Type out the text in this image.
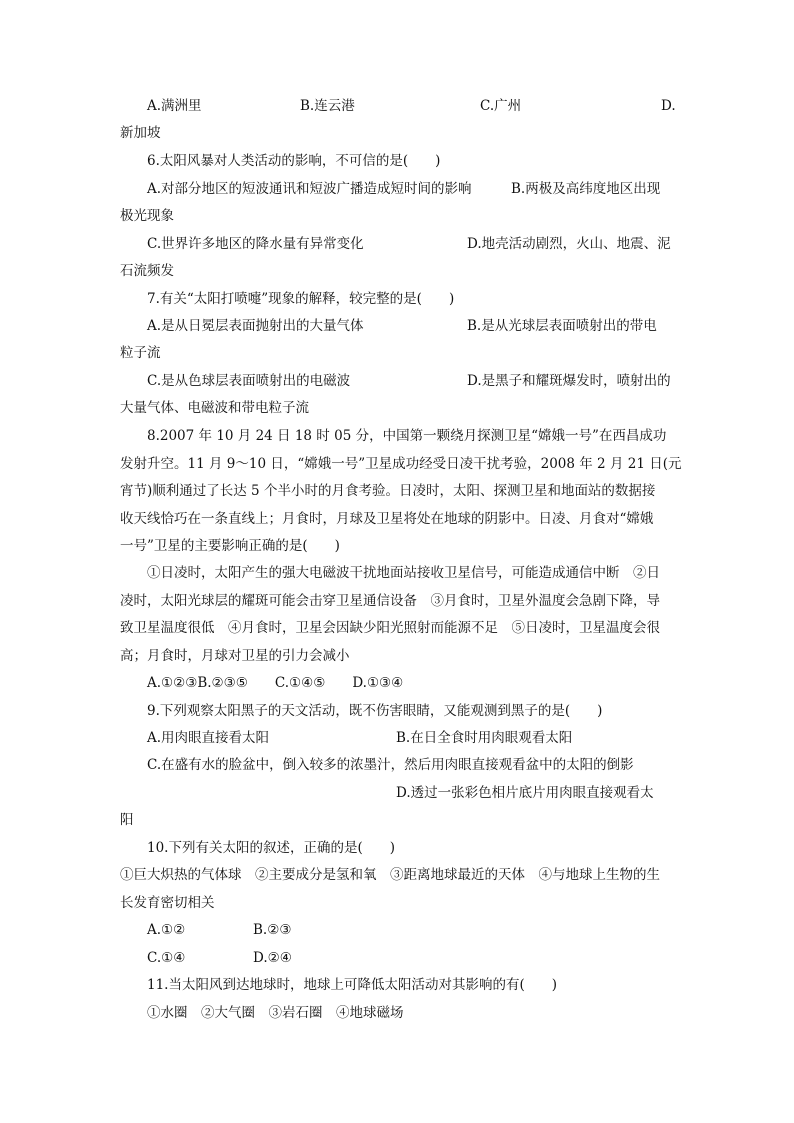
A.满洲里	B.连云港	C.广州	D.
新加坡
6.太阳风暴对人类活动的影响，不可信的是(　　)
A.对部分地区的短波通讯和短波广播造成短时间的影响	B.两极及高纬度地区出现
极光现象
C.世界许多地区的降水量有异常变化	D.地壳活动剧烈，火山、地震、泥
石流频发
7.有关“太阳打喷嚏”现象的解释，较完整的是(　　)
A.是从日冕层表面抛射出的大量气体	B.是从光球层表面喷射出的带电
粒子流
C.是从色球层表面喷射出的电磁波	D.是黑子和耀斑爆发时，喷射出的
大量气体、电磁波和带电粒子流
8.2007 年 10 月 24 日 18 时 05 分，中国第一颗绕月探测卫星“嫦娥一号”在西昌成功
发射升空。11 月 9～10 日，“嫦娥一号”卫星成功经受日凌干扰考验，2008 年 2 月 21 日(元
宵节)顺利通过了长达 5 个半小时的月食考验。日凌时，太阳、探测卫星和地面站的数据接
收天线恰巧在一条直线上；月食时，月球及卫星将处在地球的阴影中。日凌、月食对“嫦娥
一号”卫星的主要影响正确的是(　　)
①日凌时，太阳产生的强大电磁波干扰地面站接收卫星信号，可能造成通信中断　②日
凌时，太阳光球层的耀斑可能会击穿卫星通信设备　③月食时，卫星外温度会急剧下降，导
致卫星温度很低　④月食时，卫星会因缺少阳光照射而能源不足　⑤日凌时，卫星温度会很
高；月食时，月球对卫星的引力会减小
A.①②③B.②③⑤　　C.①④⑤　　D.①③④
9.下列观察太阳黑子的天文活动，既不伤害眼睛，又能观测到黑子的是(　　)
A.用肉眼直接看太阳	B.在日全食时用肉眼观看太阳
C.在盛有水的脸盆中，倒入较多的浓墨汁，然后用肉眼直接观看盆中的太阳的倒影
D.透过一张彩色相片底片用肉眼直接观看太
阳
10.下列有关太阳的叙述，正确的是(　　)
①巨大炽热的气体球　②主要成分是氢和氧　③距离地球最近的天体　④与地球上生物的生
长发育密切相关
A.①②	B.②③
C.①④	D.②④
11.当太阳风到达地球时，地球上可降低太阳活动对其影响的有(　　)
①水圈　②大气圈　③岩石圈　④地球磁场
